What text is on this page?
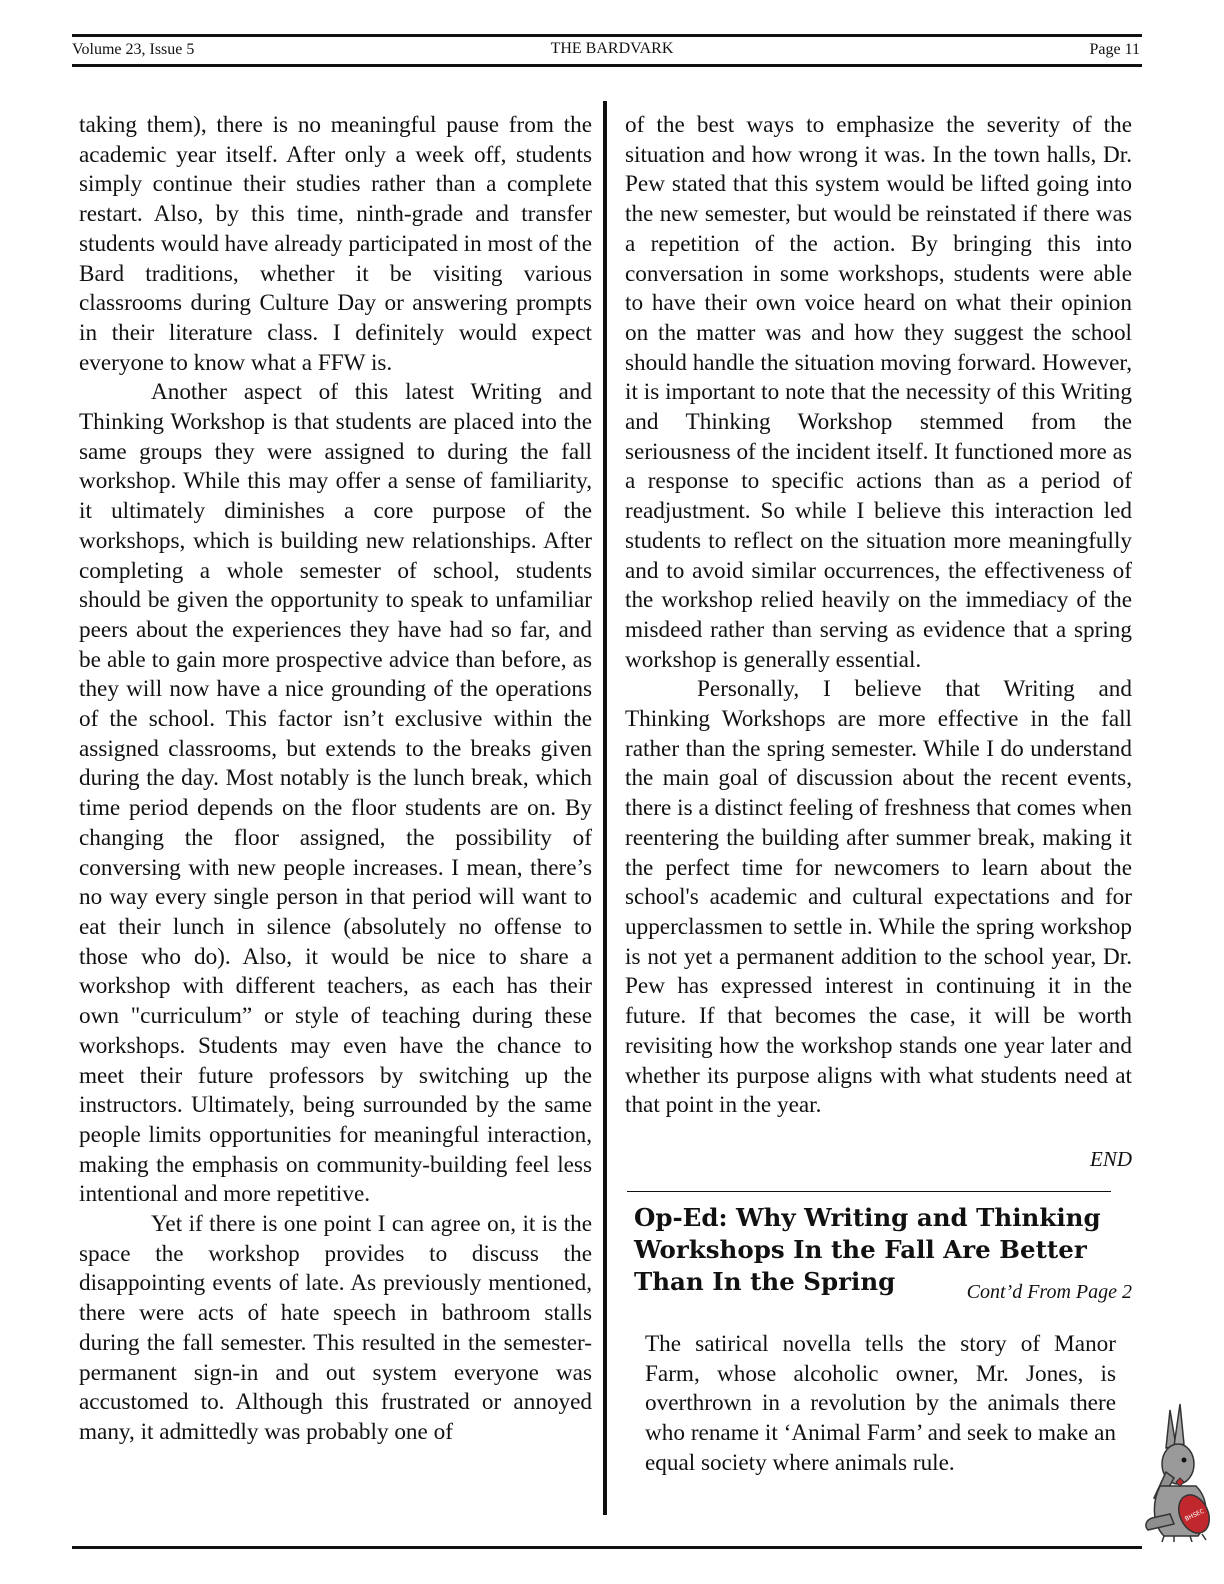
Volume 23, Issue 5	THE BARDVARK	Page 11

taking them), there is no meaningful pause from the academic year itself. After only a week off, students simply continue their studies rather than a complete restart. Also, by this time, ninth-grade and transfer students would have already participated in most of the Bard traditions, whether it be visiting various classrooms during Culture Day or answering prompts in their literature class. I definitely would expect everyone to know what a FFW is.

Another aspect of this latest Writing and Thinking Workshop is that students are placed into the same groups they were assigned to during the fall workshop. While this may offer a sense of familiarity, it ultimately diminishes a core purpose of the workshops, which is building new relationships. After completing a whole semester of school, students should be given the opportunity to speak to unfamiliar peers about the experiences they have had so far, and be able to gain more prospective advice than before, as they will now have a nice grounding of the operations of the school. This factor isn’t exclusive within the assigned classrooms, but extends to the breaks given during the day. Most notably is the lunch break, which time period depends on the floor students are on. By changing the floor assigned, the possibility of conversing with new people increases. I mean, there’s no way every single person in that period will want to eat their lunch in silence (absolutely no offense to those who do). Also, it would be nice to share a workshop with different teachers, as each has their own "curriculum” or style of teaching during these workshops. Students may even have the chance to meet their future professors by switching up the instructors. Ultimately, being surrounded by the same people limits opportunities for meaningful interaction, making the emphasis on community-building feel less intentional and more repetitive.

Yet if there is one point I can agree on, it is the space the workshop provides to discuss the disappointing events of late. As previously mentioned, there were acts of hate speech in bathroom stalls during the fall semester. This resulted in the semester-permanent sign-in and out system everyone was accustomed to. Although this frustrated or annoyed many, it admittedly was probably one of

of the best ways to emphasize the severity of the situation and how wrong it was. In the town halls, Dr. Pew stated that this system would be lifted going into the new semester, but would be reinstated if there was a repetition of the action. By bringing this into conversation in some workshops, students were able to have their own voice heard on what their opinion on the matter was and how they suggest the school should handle the situation moving forward. However, it is important to note that the necessity of this Writing and Thinking Workshop stemmed from the seriousness of the incident itself. It functioned more as a response to specific actions than as a period of readjustment. So while I believe this interaction led students to reflect on the situation more meaningfully and to avoid similar occurrences, the effectiveness of the workshop relied heavily on the immediacy of the misdeed rather than serving as evidence that a spring workshop is generally essential.

Personally, I believe that Writing and Thinking Workshops are more effective in the fall rather than the spring semester. While I do understand the main goal of discussion about the recent events, there is a distinct feeling of freshness that comes when reentering the building after summer break, making it the perfect time for newcomers to learn about the school's academic and cultural expectations and for upperclassmen to settle in. While the spring workshop is not yet a permanent addition to the school year, Dr. Pew has expressed interest in continuing it in the future. If that becomes the case, it will be worth revisiting how the workshop stands one year later and whether its purpose aligns with what students need at that point in the year.

END
Op-Ed: Why Writing and Thinking Workshops In the Fall Are Better Than In the Spring	Cont’d From Page 2

The satirical novella tells the story of Manor Farm, whose alcoholic owner, Mr. Jones, is overthrown in a revolution by the animals there who rename it ‘Animal Farm’ and seek to make an equal society where animals rule.

BHSEC
